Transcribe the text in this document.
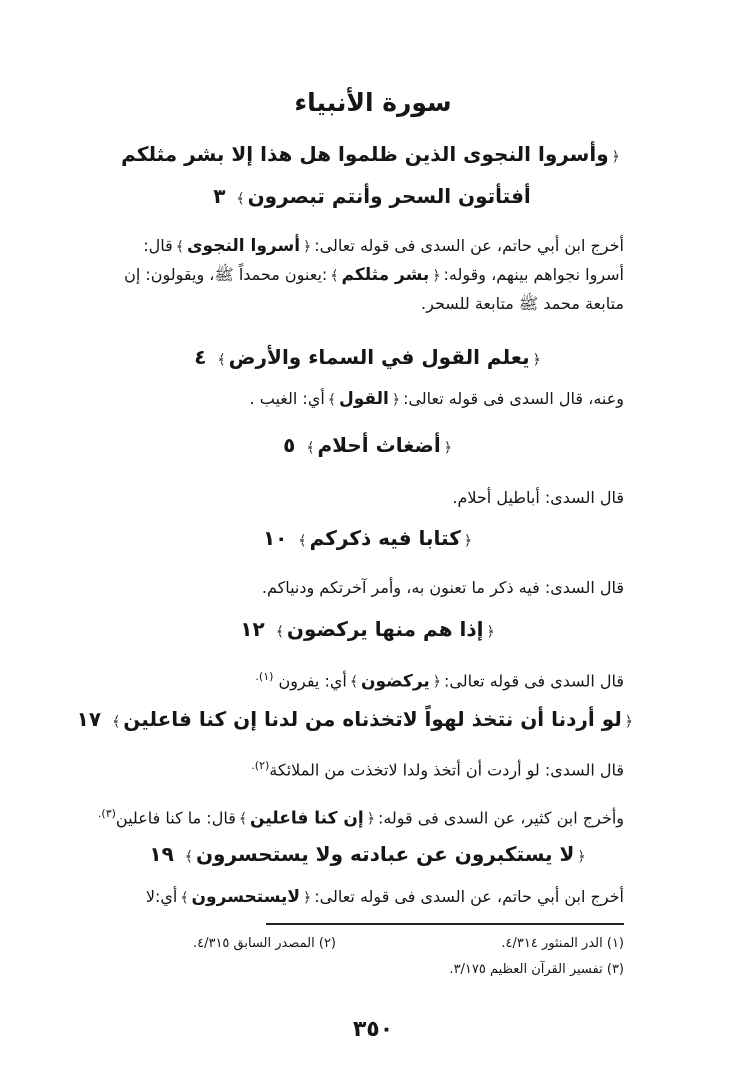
سورة الأنبياء
﴿وأسروا النجوى الذين ظلموا هل هذا إلا بشر مثلكم
أفتأتون السحر وأنتم تبصرون﴾٣
أخرج ابن أبي حاتم، عن السدى فى قوله تعالى:﴿أسروا النجوى﴾قال: أسروا نجواهم بينهم، وقوله:﴿بشر مثلكم﴾:يعنون محمداً ﷺ، ويقولون: إن متابعة محمد ﷺ متابعة للسحر.
﴿يعلم القول في السماء والأرض﴾٤
وعنه، قال السدى فى قوله تعالى:﴿القول﴾أي: الغيب .
﴿أضغاث أحلام﴾٥
قال السدى: أباطيل أحلام.
﴿كتابا فيه ذكركم﴾١٠
قال السدى: فيه ذكر ما تعنون به، وأمر آخرتكم ودنياكم.
﴿إذا هم منها يركضون﴾١٢
قال السدى فى قوله تعالى:﴿يركضون﴾أي: يفرون $^{(١).}$
﴿لو أردنا أن نتخذ لهواً لاتخذناه من لدنا إن كنا فاعلين﴾١٧
قال السدى: لو أردت أن أتخذ ولدا لاتخذت من الملائكة$^{(٢).}$
وأخرج ابن كثير، عن السدى فى قوله:﴿إن كنا فاعلين﴾قال: ما كنا فاعلين$^{(٣).}$
﴿لا يستكبرون عن عبادته ولا يستحسرون﴾١٩
أخرج ابن أبي حاتم، عن السدى فى قوله تعالى:﴿لايستحسرون﴾أي:لا
(١) الدر المنثور ٤/٣١٤.
(٢) المصدر السابق ٤/٣١٥.
(٣) تفسير القرآن العظيم ٣/١٧٥.
٣٥٠
